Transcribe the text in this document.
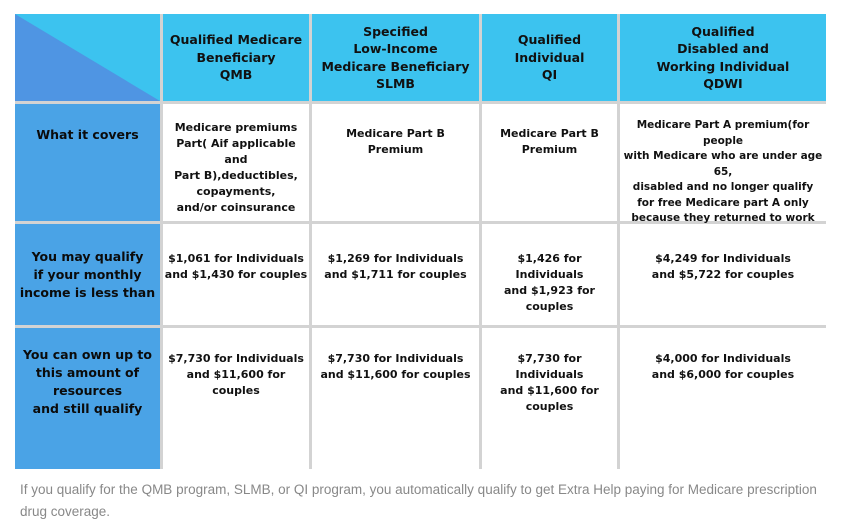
Qualified Medicare
Beneficiary
QMB
Specified
Low-Income
Medicare Beneficiary
SLMB
Qualified
Individual
QI
Qualified
Disabled and
Working Individual
QDWI
What it covers	Medicare premiums
Part( Aif applicable and
Part B),deductibles,
copayments,
and/or coinsurance
Medicare Part B
Premium
Medicare Part B
Premium
Medicare Part A premium(for people
with Medicare who are under age 65,
disabled and no longer qualify
for free Medicare part A only
because they returned to work
You may qualify
if your monthly
income is less than
$1,061 for Individuals
and $1,430 for couples
$1,269 for Individuals
and $1,711 for couples
$1,426 for Individuals
and $1,923 for couples
$4,249 for Individuals
and $5,722 for couples
You can own up to
this amount of
resources
and still qualify
$7,730 for Individuals
and $11,600 for couples
$7,730 for Individuals
and $11,600 for couples
$7,730 for Individuals
and $11,600 for couples
$4,000 for Individuals
and $6,000 for couples

If you qualify for the QMB program, SLMB, or QI program, you automatically qualify to get Extra Help paying for Medicare prescription drug coverage.
